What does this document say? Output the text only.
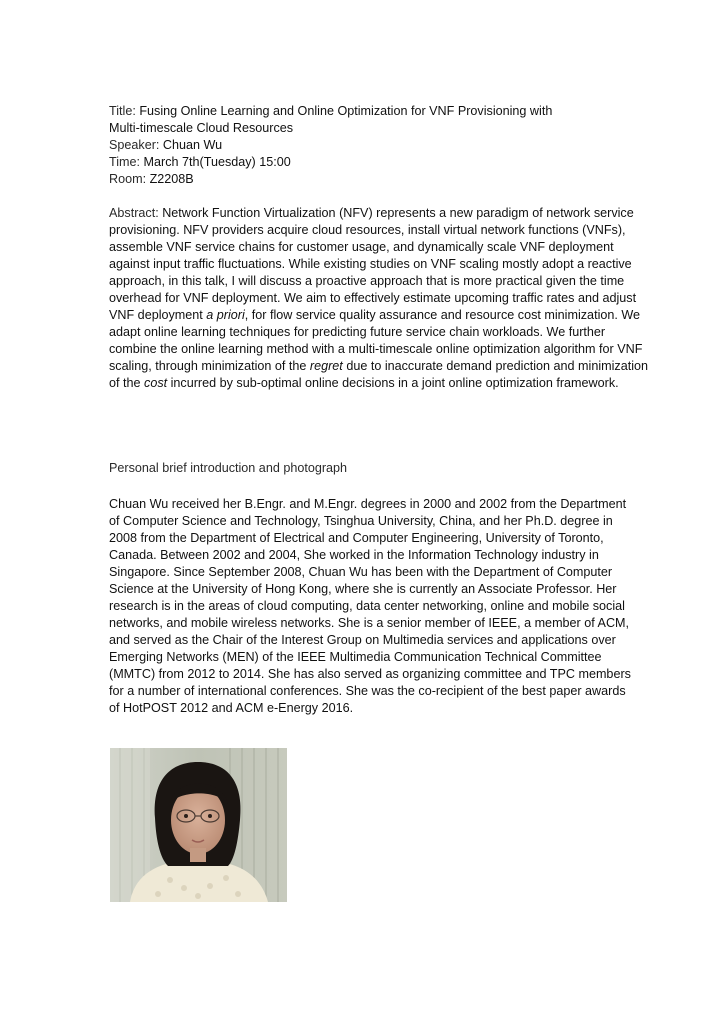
Title: Fusing Online Learning and Online Optimization for VNF Provisioning with
Multi-timescale Cloud Resources
Speaker: Chuan Wu
Time: March 7th(Tuesday) 15:00
Room: Z2208B
Abstract: Network Function Virtualization (NFV) represents a new paradigm of network service provisioning. NFV providers acquire cloud resources, install virtual network functions (VNFs), assemble VNF service chains for customer usage, and dynamically scale VNF deployment against input traffic fluctuations. While existing studies on VNF scaling mostly adopt a reactive approach, in this talk, I will discuss a proactive approach that is more practical given the time overhead for VNF deployment. We aim to effectively estimate upcoming traffic rates and adjust VNF deployment a priori, for flow service quality assurance and resource cost minimization. We adapt online learning techniques for predicting future service chain workloads. We further combine the online learning method with a multi-timescale online optimization algorithm for VNF scaling, through minimization of the regret due to inaccurate demand prediction and minimization of the cost incurred by sub-optimal online decisions in a joint online optimization framework.
Personal brief introduction and photograph
Chuan Wu received her B.Engr. and M.Engr. degrees in 2000 and 2002 from the Department of Computer Science and Technology, Tsinghua University, China, and her Ph.D. degree in 2008 from the Department of Electrical and Computer Engineering, University of Toronto, Canada. Between 2002 and 2004, She worked in the Information Technology industry in Singapore. Since September 2008, Chuan Wu has been with the Department of Computer Science at the University of Hong Kong, where she is currently an Associate Professor. Her research is in the areas of cloud computing, data center networking, online and mobile social networks, and mobile wireless networks. She is a senior member of IEEE, a member of ACM, and served as the Chair of the Interest Group on Multimedia services and applications over Emerging Networks (MEN) of the IEEE Multimedia Communication Technical Committee (MMTC) from 2012 to 2014. She has also served as organizing committee and TPC members for a number of international conferences. She was the co-recipient of the best paper awards of HotPOST 2012 and ACM e-Energy 2016.
